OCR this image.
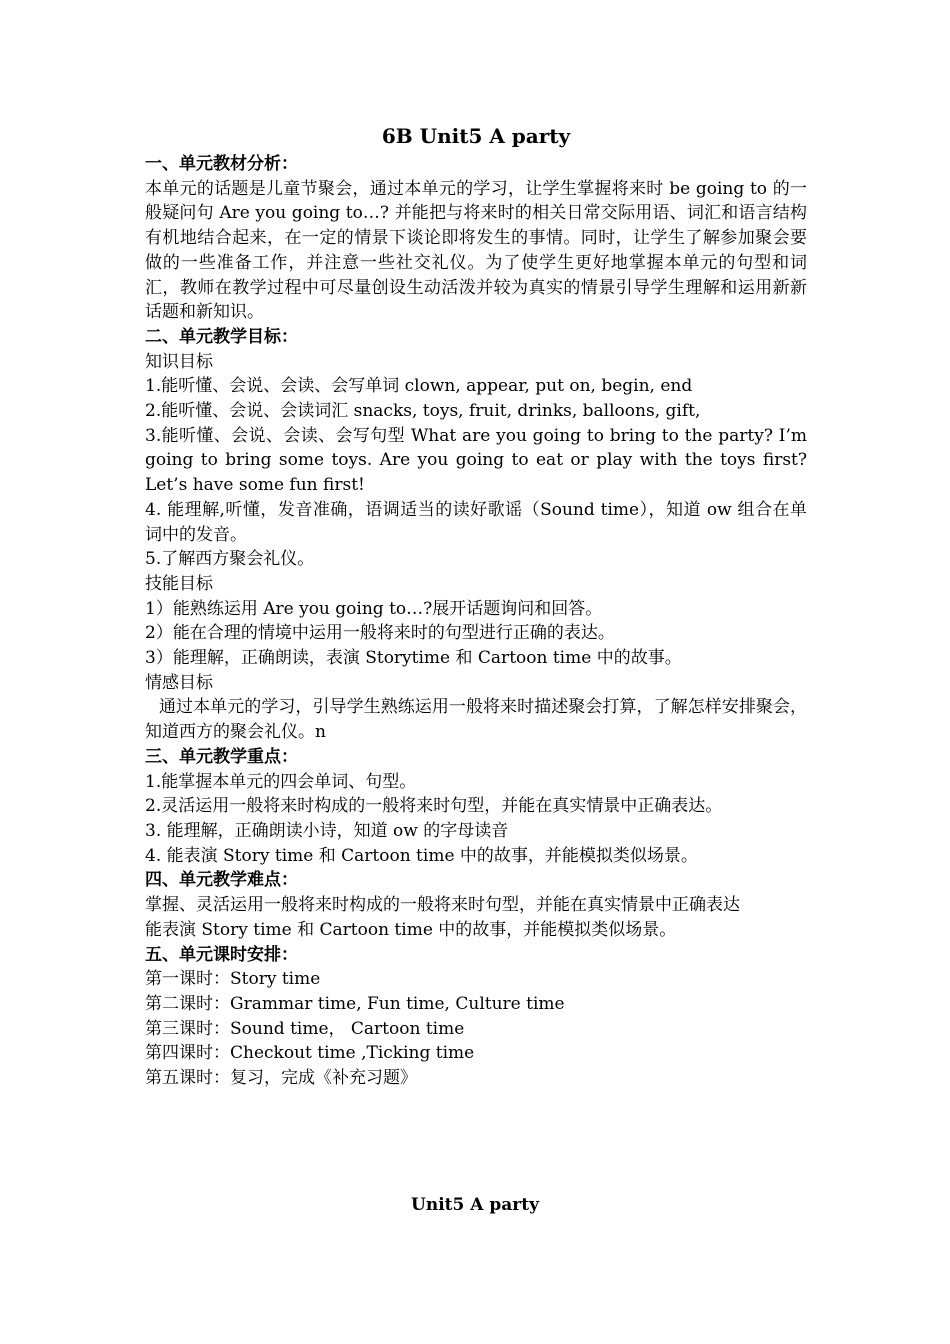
6B Unit5 A party
一、单元教材分析：
本单元的话题是儿童节聚会，通过本单元的学习，让学生掌握将来时 be going to 的一般疑问句 Are you going to…? 并能把与将来时的相关日常交际用语、词汇和语言结构有机地结合起来，在一定的情景下谈论即将发生的事情。同时，让学生了解参加聚会要做的一些准备工作，并注意一些社交礼仪。为了使学生更好地掌握本单元的句型和词汇，教师在教学过程中可尽量创设生动活泼并较为真实的情景引导学生理解和运用新新话题和新知识。
二、单元教学目标：
知识目标
1.能听懂、会说、会读、会写单词 clown, appear, put on, begin, end
2.能听懂、会说、会读词汇 snacks, toys, fruit, drinks, balloons, gift,
3.能听懂、会说、会读、会写句型 What are you going to bring to the party? I’m going to bring some toys. Are you going to eat or play with the toys first? Let’s have some fun first!
4. 能理解,听懂，发音准确，语调适当的读好歌谣（Sound time），知道 ow 组合在单词中的发音。
5.了解西方聚会礼仪。
技能目标
1）能熟练运用 Are you going to…?展开话题询问和回答。
2）能在合理的情境中运用一般将来时的句型进行正确的表达。
3）能理解，正确朗读，表演 Storytime 和 Cartoon time 中的故事。
情感目标
通过本单元的学习，引导学生熟练运用一般将来时描述聚会打算，了解怎样安排聚会，知道西方的聚会礼仪。n
三、单元教学重点：
1.能掌握本单元的四会单词、句型。
2.灵活运用一般将来时构成的一般将来时句型，并能在真实情景中正确表达。
3. 能理解，正确朗读小诗，知道 ow 的字母读音
4. 能表演 Story time 和 Cartoon time 中的故事，并能模拟类似场景。
四、单元教学难点：
掌握、灵活运用一般将来时构成的一般将来时句型，并能在真实情景中正确表达
能表演 Story time 和 Cartoon time 中的故事，并能模拟类似场景。
五、单元课时安排：
第一课时：Story time
第二课时：Grammar time, Fun time, Culture time
第三课时：Sound time， Cartoon time
第四课时：Checkout time ,Ticking time
第五课时：复习，完成《补充习题》
Unit5 A party
